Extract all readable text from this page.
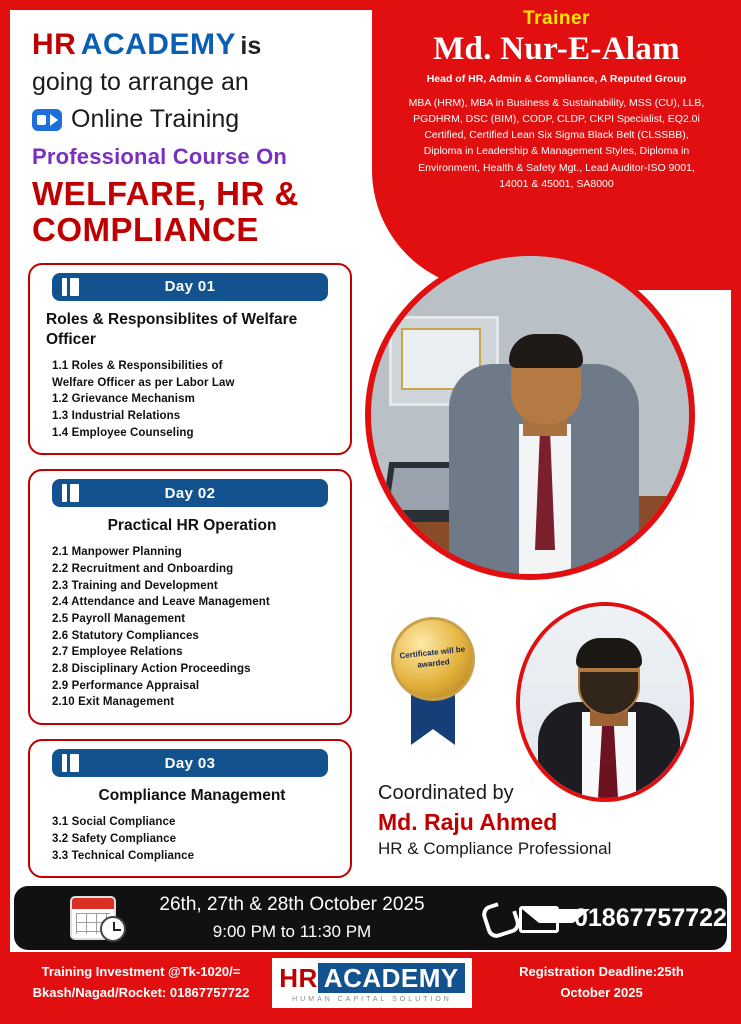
Trainer
Md. Nur-E-Alam
Head of HR, Admin & Compliance, A Reputed Group
MBA (HRM), MBA in Business & Sustainability, MSS (CU), LLB, PGDHRM, DSC (BIM), CODP, CLDP, CKPI Specialist, EQ2.0i Certified, Certified Lean Six Sigma Black Belt (CLSSBB), Diploma in Leadership & Management Styles, Diploma in Environment, Health & Safety Mgt., Lead Auditor-ISO 9001, 14001 & 45001, SA8000
HR ACADEMY is
going to arrange an
Online Training
Professional Course On
WELFARE, HR & COMPLIANCE
Day 01
Roles & Responsiblites of Welfare Officer
1.1 Roles & Responsibilities of
Welfare Officer as per Labor Law
1.2 Grievance Mechanism
1.3 Industrial Relations
1.4 Employee Counseling
Day 02
Practical HR Operation
2.1 Manpower Planning
2.2 Recruitment and Onboarding
2.3 Training and Development
2.4 Attendance and Leave Management
2.5 Payroll Management
2.6 Statutory Compliances
2.7 Employee Relations
2.8 Disciplinary Action Proceedings
2.9 Performance Appraisal
2.10 Exit Management
Day 03
Compliance Management
3.1 Social Compliance
3.2 Safety Compliance
3.3 Technical Compliance
Certificate will be awarded
Coordinated by
Md. Raju Ahmed
HR & Compliance Professional
26th, 27th & 28th October 2025
9:00 PM to 11:30 PM	01867757722
Training Investment @Tk-1020/=
Bkash/Nagad/Rocket: 01867757722	HR ACADEMY
HUMAN CAPITAL SOLUTION
Registration Deadline:25th
October 2025
